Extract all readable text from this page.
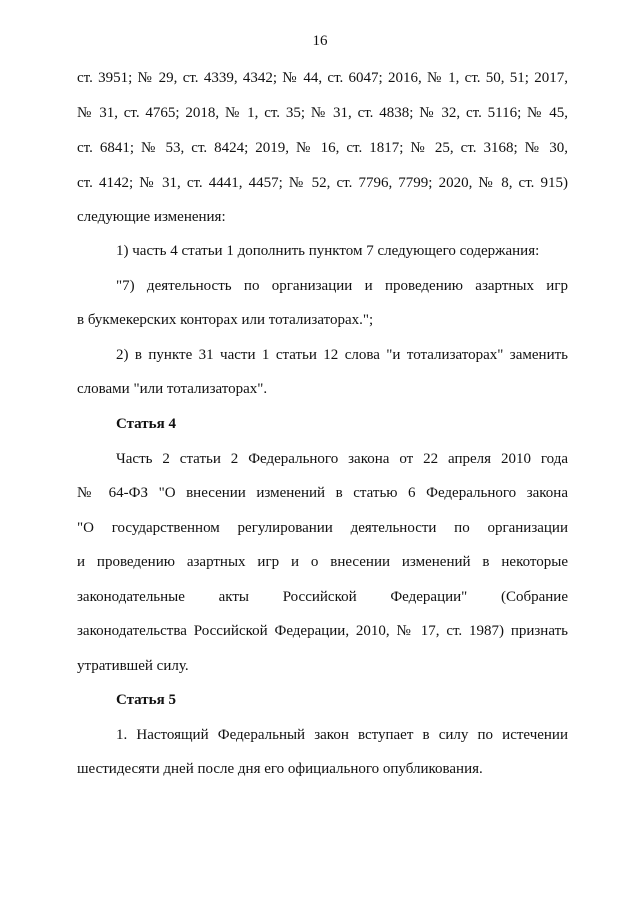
16
ст. 3951; № 29, ст. 4339, 4342; № 44, ст. 6047; 2016, № 1, ст. 50, 51; 2017,
№ 31, ст. 4765; 2018, № 1, ст. 35; № 31, ст. 4838; № 32, ст. 5116; № 45,
ст. 6841; № 53, ст. 8424; 2019, № 16, ст. 1817; № 25, ст. 3168; № 30,
ст. 4142; № 31, ст. 4441, 4457; № 52, ст. 7796, 7799; 2020, № 8, ст. 915)
следующие изменения:
1) часть 4 статьи 1 дополнить пунктом 7 следующего содержания:
"7) деятельность по организации и проведению азартных игр
в букмекерских конторах или тотализаторах.";
2) в пункте 31 части 1 статьи 12 слова "и тотализаторах" заменить
словами "или тотализаторах".
Статья 4
Часть 2 статьи 2 Федерального закона от 22 апреля 2010 года
№ 64-ФЗ "О внесении изменений в статью 6 Федерального закона
"О государственном регулировании деятельности по организации
и проведению азартных игр и о внесении изменений в некоторые
законодательные акты Российской Федерации" (Собрание
законодательства Российской Федерации, 2010, № 17, ст. 1987) признать
утратившей силу.
Статья 5
1. Настоящий Федеральный закон вступает в силу по истечении
шестидесяти дней после дня его официального опубликования.
